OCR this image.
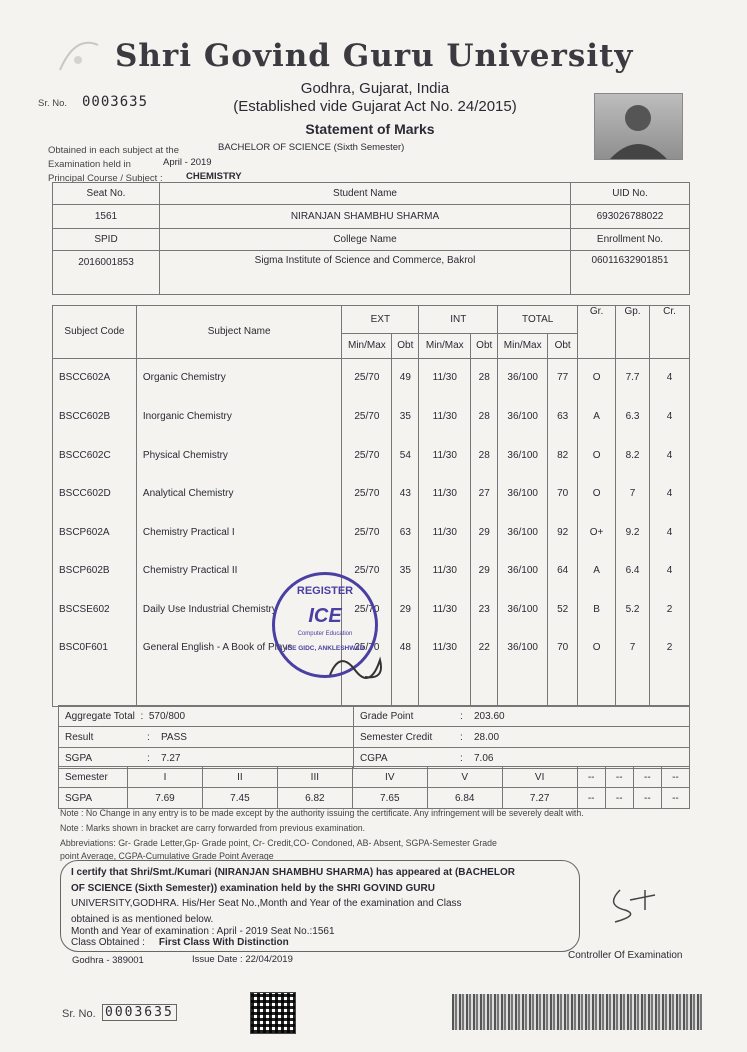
Shri Govind Guru University
Godhra, Gujarat, India
(Established vide Gujarat Act No. 24/2015)
Statement of Marks
Sr. No. 0003635
Obtained in each subject at the	BACHELOR OF SCIENCE (Sixth Semester)
Examination held in	April - 2019
Principal Course / Subject : CHEMISTRY
Seat No.	Student Name	UID No.
1561	NIRANJAN SHAMBHU SHARMA	693026788022
SPID	College Name	Enrollment No.
2016001853	Sigma Institute of Science and Commerce, Bakrol	06011632901851
Subject Code	Subject Name	EXT		INT		TOTAL		Gr.	Gp.	Cr.
		Min/Max	Obt	Min/Max	Obt	Min/Max	Obt			
BSCC602A	Organic Chemistry	25/70	49	11/30	28	36/100	77	O	7.7	4
BSCC602B	Inorganic Chemistry	25/70	35	11/30	28	36/100	63	A	6.3	4
BSCC602C	Physical Chemistry	25/70	54	11/30	28	36/100	82	O	8.2	4
BSCC602D	Analytical Chemistry	25/70	43	11/30	27	36/100	70	O	7	4
BSCP602A	Chemistry Practical I	25/70	63	11/30	29	36/100	92	O+	9.2	4
BSCP602B	Chemistry Practical II	25/70	35	11/30	29	36/100	64	A	6.4	4
BSCSE602	Daily Use Industrial Chemistry	25/70	29	11/30	23	36/100	52	B	5.2	2
BSC0F601	General English - A Book of Plays	25/70	48	11/30	22	36/100	70	O	7	2

REGISTER
ICE
Computer Education
ICE GIDC, ANKLESHWAR
Aggregate Total : 570/800	Grade Point : 203.60
Result : PASS	Semester Credit : 28.00
SGPA : 7.27	CGPA : 7.06
Semester	I	II	III	IV	V	VI	--	--	--	--
SGPA	7.69	7.45	6.82	7.65	6.84	7.27	--	--	--	--
Note : No Change in any entry is to be made except by the authority issuing the certificate. Any infringement will be severely dealt with.
Note : Marks shown in bracket are carry forwarded from previous examination.
Abbreviations: Gr- Grade Letter,Gp- Grade point, Cr- Credit,CO- Condoned, AB- Absent, SGPA-Semester Grade
point Average, CGPA-Cumulative Grade Point Average
I certify that Shri/Smt./Kumari (NIRANJAN SHAMBHU SHARMA) has appeared at (BACHELOR
OF SCIENCE (Sixth Semester)) examination held by the SHRI GOVIND GURU
UNIVERSITY,GODHRA. His/Her Seat No.,Month and Year of the examination and Class
obtained is as mentioned below.
Month and Year of examination : April - 2019 Seat No.:1561
Class Obtained : First Class With Distinction
Godhra - 389001	Issue Date : 22/04/2019	Controller Of Examination
Sr. No. 0003635
